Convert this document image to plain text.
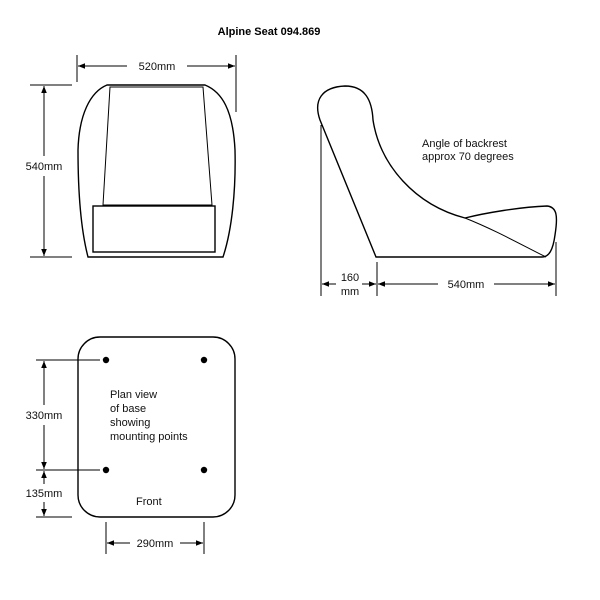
Alpine Seat 094.869
520mm
540mm
160
mm
540mm
Angle of backrest
approx 70 degrees
Plan view
of base
showing
mounting points
Front
330mm
135mm
290mm
